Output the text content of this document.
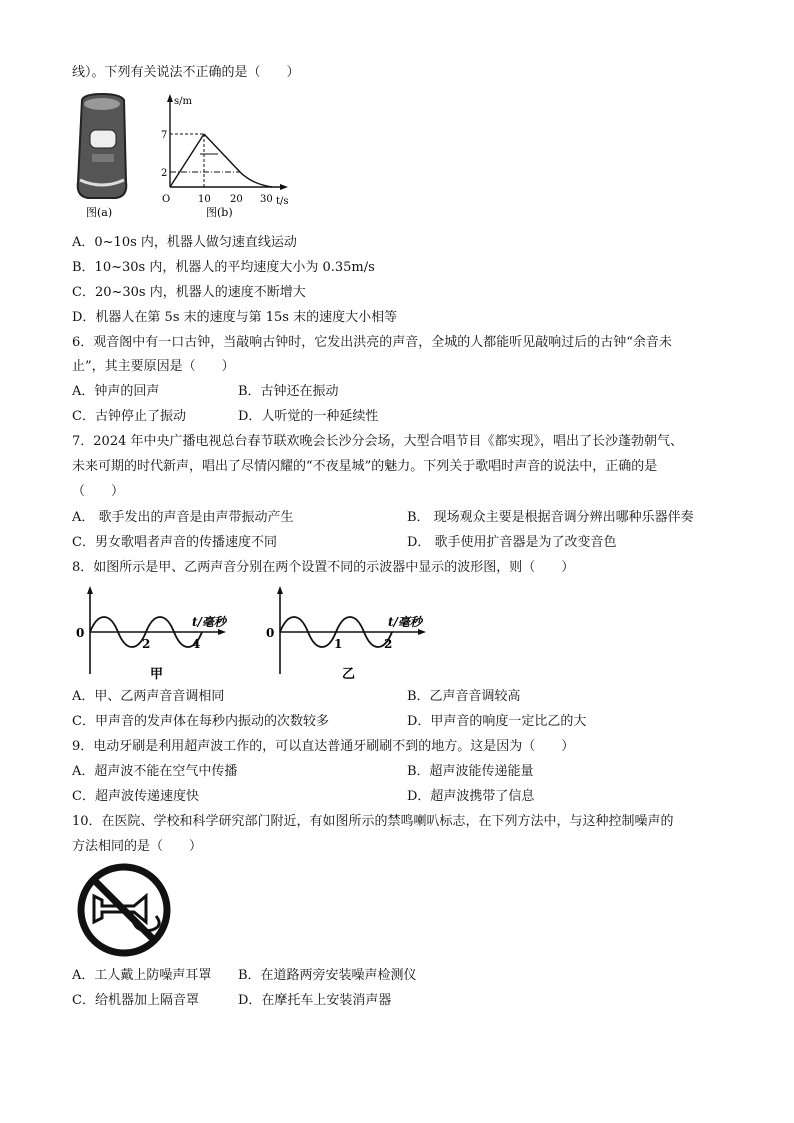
线）。下列有关说法不正确的是（　　）
图(a)
s/m
t/s
7
2
O	10 20 30
图(b)
A．0~10s 内，机器人做匀速直线运动
B．10~30s 内，机器人的平均速度大小为 0.35m/s
C．20~30s 内，机器人的速度不断增大
D．机器人在第 5s 末的速度与第 15s 末的速度大小相等
6．观音阁中有一口古钟，当敲响古钟时，它发出洪亮的声音，全城的人都能听见敲响过后的古钟“余音未
止”，其主要原因是（　　）
A．钟声的回声	B．古钟还在振动
C．古钟停止了振动	D．人听觉的一种延续性
7．2024 年中央广播电视总台春节联欢晚会长沙分会场，大型合唱节目《都实现》，唱出了长沙蓬勃朝气、
未来可期的时代新声，唱出了尽情闪耀的“不夜星城”的魅力。下列关于歌唱时声音的说法中，正确的是
（　　）
A． 歌手发出的声音是由声带振动产生	B． 现场观众主要是根据音调分辨出哪种乐器伴奏
C．男女歌唱者声音的传播速度不同	D． 歌手使用扩音器是为了改变音色
8．如图所示是甲、乙两声音分别在两个设置不同的示波器中显示的波形图，则（　　）
0
2	4
t/毫秒
甲
0
1	2
t/毫秒
乙
A．甲、乙两声音音调相同	B．乙声音音调较高
C．甲声音的发声体在每秒内振动的次数较多	D．甲声音的响度一定比乙的大
9．电动牙刷是利用超声波工作的，可以直达普通牙刷刷不到的地方。这是因为（　　）
A．超声波不能在空气中传播	B．超声波能传递能量
C．超声波传递速度快	D．超声波携带了信息
10．在医院、学校和科学研究部门附近，有如图所示的禁鸣喇叭标志，在下列方法中，与这种控制噪声的
方法相同的是（　　）
A．工人戴上防噪声耳罩 B．在道路两旁安装噪声检测仪
C．给机器加上隔音罩	D．在摩托车上安装消声器
